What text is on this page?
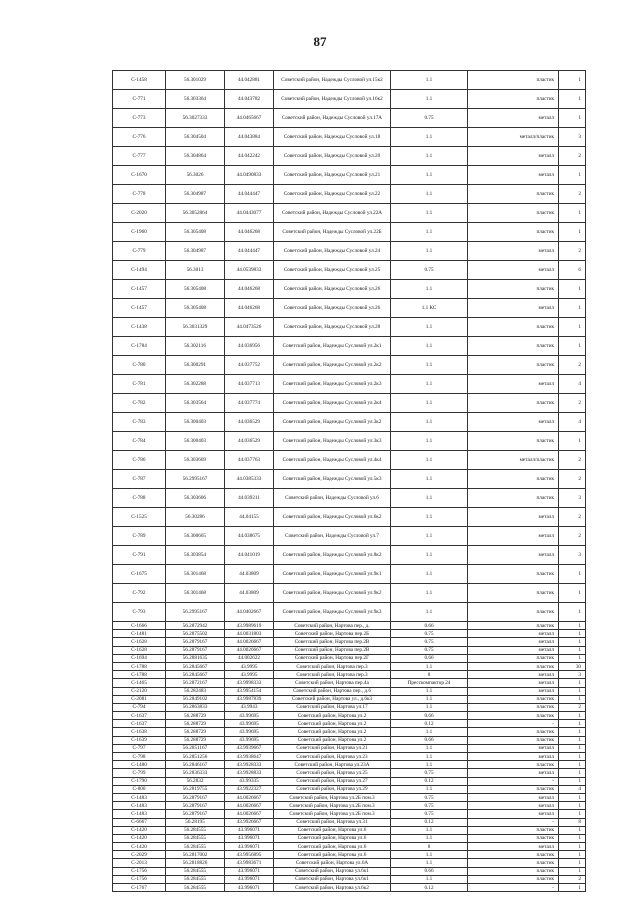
87
C-1458	56.301029	44.042881	Советский район, Надежды Сусловой ул.15к2	1.1	пластик	1
C-771	56.303364	44.043782	Советский район, Надежды Сусловой ул.16к2	1.1	пластик	1
C-773	56.3027333	44.0465667	Советский район, Надежды Сусловой ул.17А	0.75	металл	1
C-776	56.304504	44.043884	Советский район, Надежды Сусловой ул.18	1.1	металл/пластик	3
C-777	56.304864	44.042242	Советский район, Надежды Сусловой ул.20	1.1	металл	2
C-1670	56.3026	44.0490833	Советский район, Надежды Сусловой ул.21	1.1	металл	1
C-778	56.304987	44.044447	Советский район, Надежды Сусловой ул.22	1.1	пластик	2
C-2020	56.3052864	44.0443077	Советский район, Надежды Сусловой ул.22А	1.1	пластик	1
C-1960	56.305408	44.046268	Советский район, Надежды Сусловой ул.22Б	1.1	пластик	1
C-779	56.304987	44.044447	Советский район, Надежды Сусловой ул.24	1.1	металл	2
C-1494	56.3013	44.0539833	Советский район, Надежды Сусловой ул.25	0.75	металл	6
C-1457	56.305408	44.046268	Советский район, Надежды Сусловой ул.26	1.1	пластик	1
C-1457	56.305408	44.046268	Советский район, Надежды Сусловой ул.26	1.1 КС	металл	1
C-1438	56.3031329	44.0473526	Советский район, Надежды Сусловой ул.28	1.1	пластик	1
C-1784	56.302116	44.036956	Советский район, Надежды Сусловой ул.2к1	1.1	пластик	1
C-780	56.300291	44.037752	Советский район, Надежды Сусловой ул.2к2	1.1	пластик	2
C-781	56.302288	44.037713	Советский район, Надежды Сусловой ул.2к3	1.1	металл	4
C-782	56.303564	44.037774	Советский район, Надежды Сусловой ул.2к4	1.1	пластик	2
C-783	56.300403	44.036529	Советский район, Надежды Сусловой ул.3к2	1.1	металл	4
C-784	56.300403	44.036529	Советский район, Надежды Сусловой ул.3к3	1.1	пластик	1
C-786	56.303669	44.037763	Советский район, Надежды Сусловой ул.4к4	1.1	металл/пластик	2
C-787	56.2995167	44.0385333	Советский район, Надежды Сусловой ул.5к3	1.1	пластик	2
C-788	56.303606	44.039211	Советский район, Надежды Сусловой ул.6	1.1	пластик	3
C-1525	56.30286	44.04155	Советский район, Надежды Сусловой ул.6к2	1.1	металл	2
C-789	56.300665	44.038675	Советский район, Надежды Сусловой ул.7	1.1	металл	2
C-791	56.303854	44.041019	Советский район, Надежды Сусловой ул.8к2	1.1	металл	3
C-1675	56.301468	44.03809	Советский район, Надежды Сусловой ул.9к1	1.1	пластик	1
C-792	56.301468	44.03809	Советский район, Надежды Сусловой ул.9к2	1.1	пластик	1
C-793	56.2995167	44.0402667	Советский район, Надежды Сусловой ул.9к3	1.1	пластик	1
C-1666	56.2872942	43.9989619	Советский район, Нартова пер., д.	0.66	пластик	1
C-1481	56.2875502	44.0031803	Советский район, Нартова пер.2Б	0.75	металл	1
C-1628	56.2879167	44.0026667	Советский район, Нартова пер.2В	0.75	металл	1
C-1628	56.2879167	44.0026667	Советский район, Нартова пер.2В	0.75	металл	1
C-1694	56.2881635	44.002622	Советский район, Нартова пер.2Г	0.66	пластик	1
C-1788	56.2845667	43.9995	Советский район, Нартова пер.3	1.1	пластик	30
C-1788	56.2845667	43.9995	Советский район, Нартова пер.3	8	металл	3
C-1465	56.2872167	43.9998333	Советский район, Нартова пер.4а	Пресскомпактор 24	металл	1
C-2120	56.282483	43.9954154	Советский район, Нартова пер., д.6	1.1	металл	1
C-2081	56.2849102	43.9987839	Советский район, Нартова ул., д.6к3	1.1	пластик	1
C-794	56.2863833	43.9943	Советский район, Нартова ул.17	1.1	пластик	2
C-1637	56.288729	43.99695	Советский район, Нартова ул.2	0.66	пластик	1
C-1637	56.288729	43.99695	Советский район, Нартова ул.2	0.12	-	1
C-1638	56.288729	43.99695	Советский район, Нартова ул.2	1.1	пластик	1
C-1639	56.288729	43.99695	Советский район, Нартова ул.2	0.66	пластик	1
C-797	56.2851167	43.9939667	Советский район, Нартова ул.21	1.1	металл	1
C-798	56.2851256	43.9938647	Советский район, Нартова ул.23	1.1	металл	1
C-1480	56.2846167	43.9928333	Советский район, Нартова ул.23А	1.1	пластик	1
C-799	56.2836333	43.9928833	Советский район, Нартова ул.25	0.75	металл	1
C-1790	56.2832	43.99335	Советский район, Нартова ул.27	0.12	-	1
C-800	56.2819755	43.9922327	Советский район, Нартова ул.29	1.1	пластик	4
C-1483	56.2879167	44.0026667	Советский район, Нартова ул.2Б пом.3	0.75	металл	1
C-1483	56.2879167	44.0026667	Советский район, Нартова ул.2Б пом.3	0.75	металл	1
C-1483	56.2879167	44.0026667	Советский район, Нартова ул.2Б пом.3	0.75	металл	1
C-6667	56.28195	43.9926667	Советский район, Нартова ул.31	0.12	-	8
C-1420	56.284555	43.996071	Советский район, Нартова ул.6	1.1	пластик	1
C-1420	56.284555	43.996071	Советский район, Нартова ул.6	1.1	пластик	1
C-1420	56.284555	43.996071	Советский район, Нартова ул.6	8	металл	1
C-2029	56.2817002	43.9956895	Советский район, Нартова ул.6	1.1	пластик	1
C-2013	56.2818826	43.9983671	Советский район, Нартова ул.6А	1.1	пластик	1
C-1756	56.284555	43.996071	Советский район, Нартова ул.6к1	0.66	пластик	1
C-1756	56.284555	43.996071	Советский район, Нартова ул.6к1	1.1	пластик	2
C-1767	56.284555	43.996071	Советский район, Нартова ул.6к2	0.12	-	1
